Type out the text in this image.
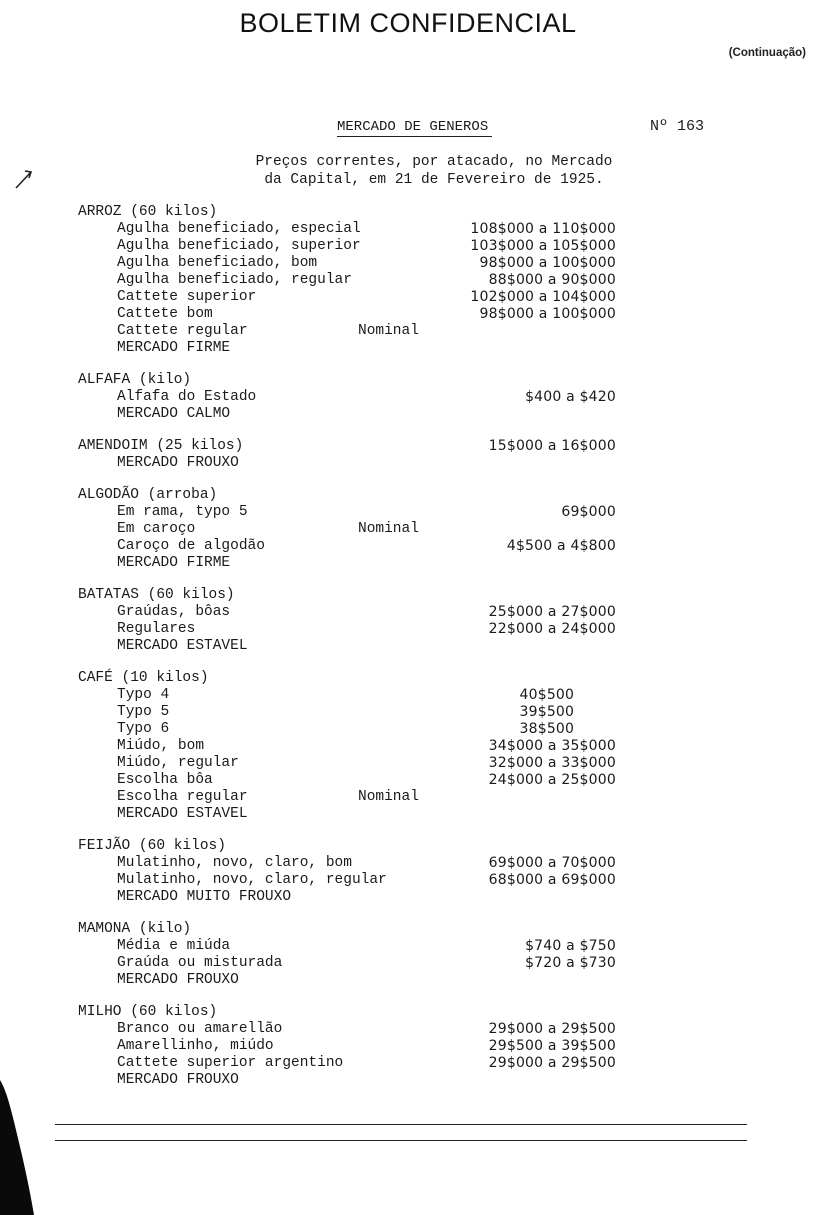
BOLETIM CONFIDENCIAL
(Continuação)
MERCADO DE GENEROS	Nº 163
Preços correntes, por atacado, no Mercado
da Capital, em 21 de Fevereiro de 1925.
ARROZ (60 kilos)
Agulha beneficiado, especial	108$000 a 110$000
Agulha beneficiado, superior	103$000 a 105$000
Agulha beneficiado, bom	98$000 a 100$000
Agulha beneficiado, regular	88$000 a 90$000
Cattete superior	102$000 a 104$000
Cattete bom	98$000 a 100$000
Cattete regular	Nominal
MERCADO FIRME
ALFAFA (kilo)
Alfafa do Estado	$400 a $420
MERCADO CALMO
AMENDOIM (25 kilos)	15$000 a 16$000
MERCADO FROUXO
ALGODÃO (arroba)
Em rama, typo 5	69$000
Em caroço	Nominal
Caroço de algodão	4$500 a 4$800
MERCADO FIRME
BATATAS (60 kilos)
Graúdas, bôas	25$000 a 27$000
Regulares	22$000 a 24$000
MERCADO ESTAVEL
CAFÉ (10 kilos)
Typo 4	40$500
Typo 5	39$500
Typo 6	38$500
Miúdo, bom	34$000 a 35$000
Miúdo, regular	32$000 a 33$000
Escolha bôa	24$000 a 25$000
Escolha regular	Nominal
MERCADO ESTAVEL
FEIJÃO (60 kilos)
Mulatinho, novo, claro, bom	69$000 a 70$000
Mulatinho, novo, claro, regular	68$000 a 69$000
MERCADO MUITO FROUXO
MAMONA (kilo)
Média e miúda	$740 a $750
Graúda ou misturada	$720 a $730
MERCADO FROUXO
MILHO (60 kilos)
Branco ou amarellão	29$000 a 29$500
Amarellinho, miúdo	29$500 a 39$500
Cattete superior argentino	29$000 a 29$500
MERCADO FROUXO
